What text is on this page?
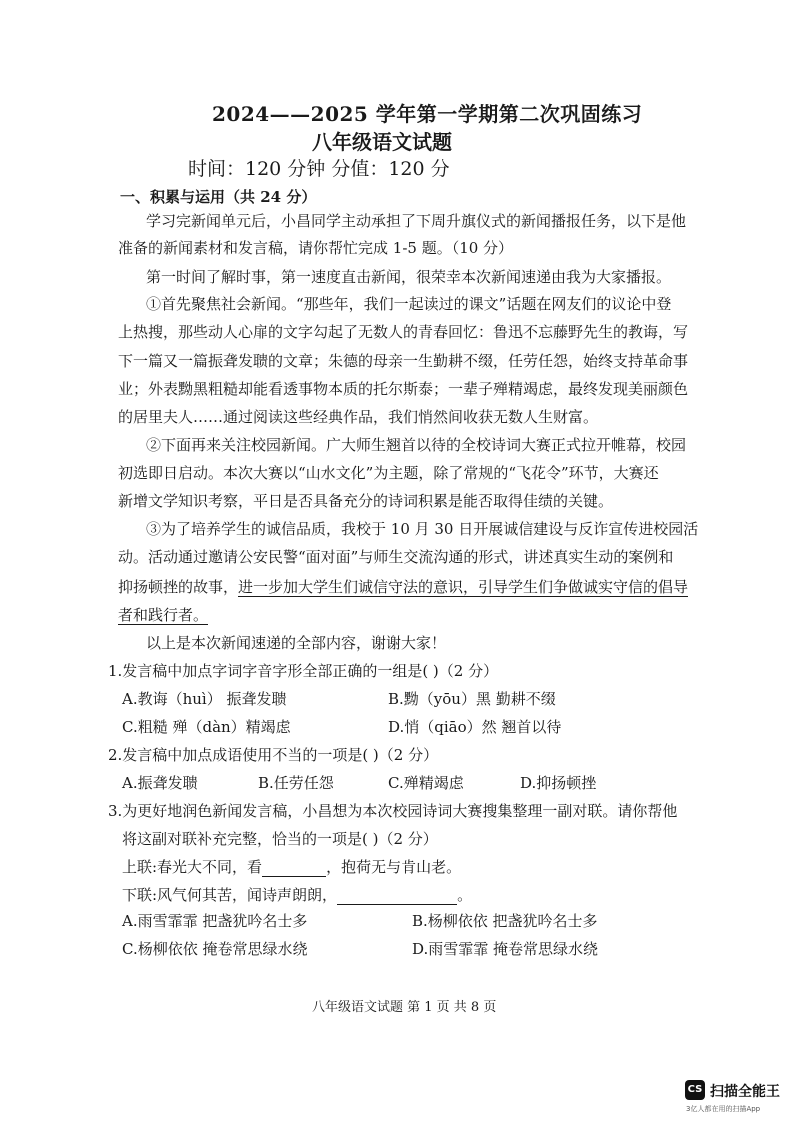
2024——2025 学年第一学期第二次巩固练习
八年级语文试题
时间：120 分钟 分值：120 分
一、积累与运用（共 24 分）
学习完新闻单元后，小昌同学主动承担了下周升旗仪式的新闻播报任务，以下是他
准备的新闻素材和发言稿，请你帮忙完成 1-5 题。（10 分）
第一时间了解时事，第一速度直击新闻，很荣幸本次新闻速递由我为大家播报。
①首先聚焦社会新闻。“那些年，我们一起读过的课文”话题在网友们的议论中登
上热搜，那些动人心扉的文字勾起了无数人的青春回忆：鲁迅不忘藤野先生的教诲，写
下一篇又一篇振聋发聩的文章；朱德的母亲一生勤耕不缀，任劳任怨，始终支持革命事
业；外表黝黑粗糙却能看透事物本质的托尔斯泰；一辈子殚精竭虑，最终发现美丽颜色
的居里夫人……通过阅读这些经典作品，我们悄然间收获无数人生财富。
②下面再来关注校园新闻。广大师生翘首以待的全校诗词大赛正式拉开帷幕，校园
初选即日启动。本次大赛以“山水文化”为主题，除了常规的“飞花令”环节，大赛还
新增文学知识考察，平日是否具备充分的诗词积累是能否取得佳绩的关键。
③为了培养学生的诚信品质，我校于 10 月 30 日开展诚信建设与反诈宣传进校园活
动。活动通过邀请公安民警“面对面”与师生交流沟通的形式，讲述真实生动的案例和
抑扬顿挫的故事，进一步加大学生们诚信守法的意识，引导学生们争做诚实守信的倡导
者和践行者。
以上是本次新闻速递的全部内容，谢谢大家！
1.发言稿中加点字词字音字形全部正确的一组是( )（2 分）
A.教诲（huì） 振聋发聩	B.黝（yōu）黑 勤耕不缀
C.粗糙 殚（dàn）精竭虑	D.悄（qiāo）然 翘首以待
2.发言稿中加点成语使用不当的一项是( )（2 分）
A.振聋发聩	B.任劳任怨	C.殚精竭虑	D.抑扬顿挫
3.为更好地润色新闻发言稿，小昌想为本次校园诗词大赛搜集整理一副对联。请你帮他
将这副对联补充完整，恰当的一项是( )（2 分）
上联:春光大不同，看	，抱荷无与肯山老。
下联:风气何其苦，闻诗声朗朗，	。
A.雨雪霏霏 把盏犹吟名士多	B.杨柳依依 把盏犹吟名士多
C.杨柳依依 掩卷常思绿水绕	D.雨雪霏霏 掩卷常思绿水绕
八年级语文试题 第 1 页 共 8 页
CS 扫描全能王
3亿人都在用的扫描App
